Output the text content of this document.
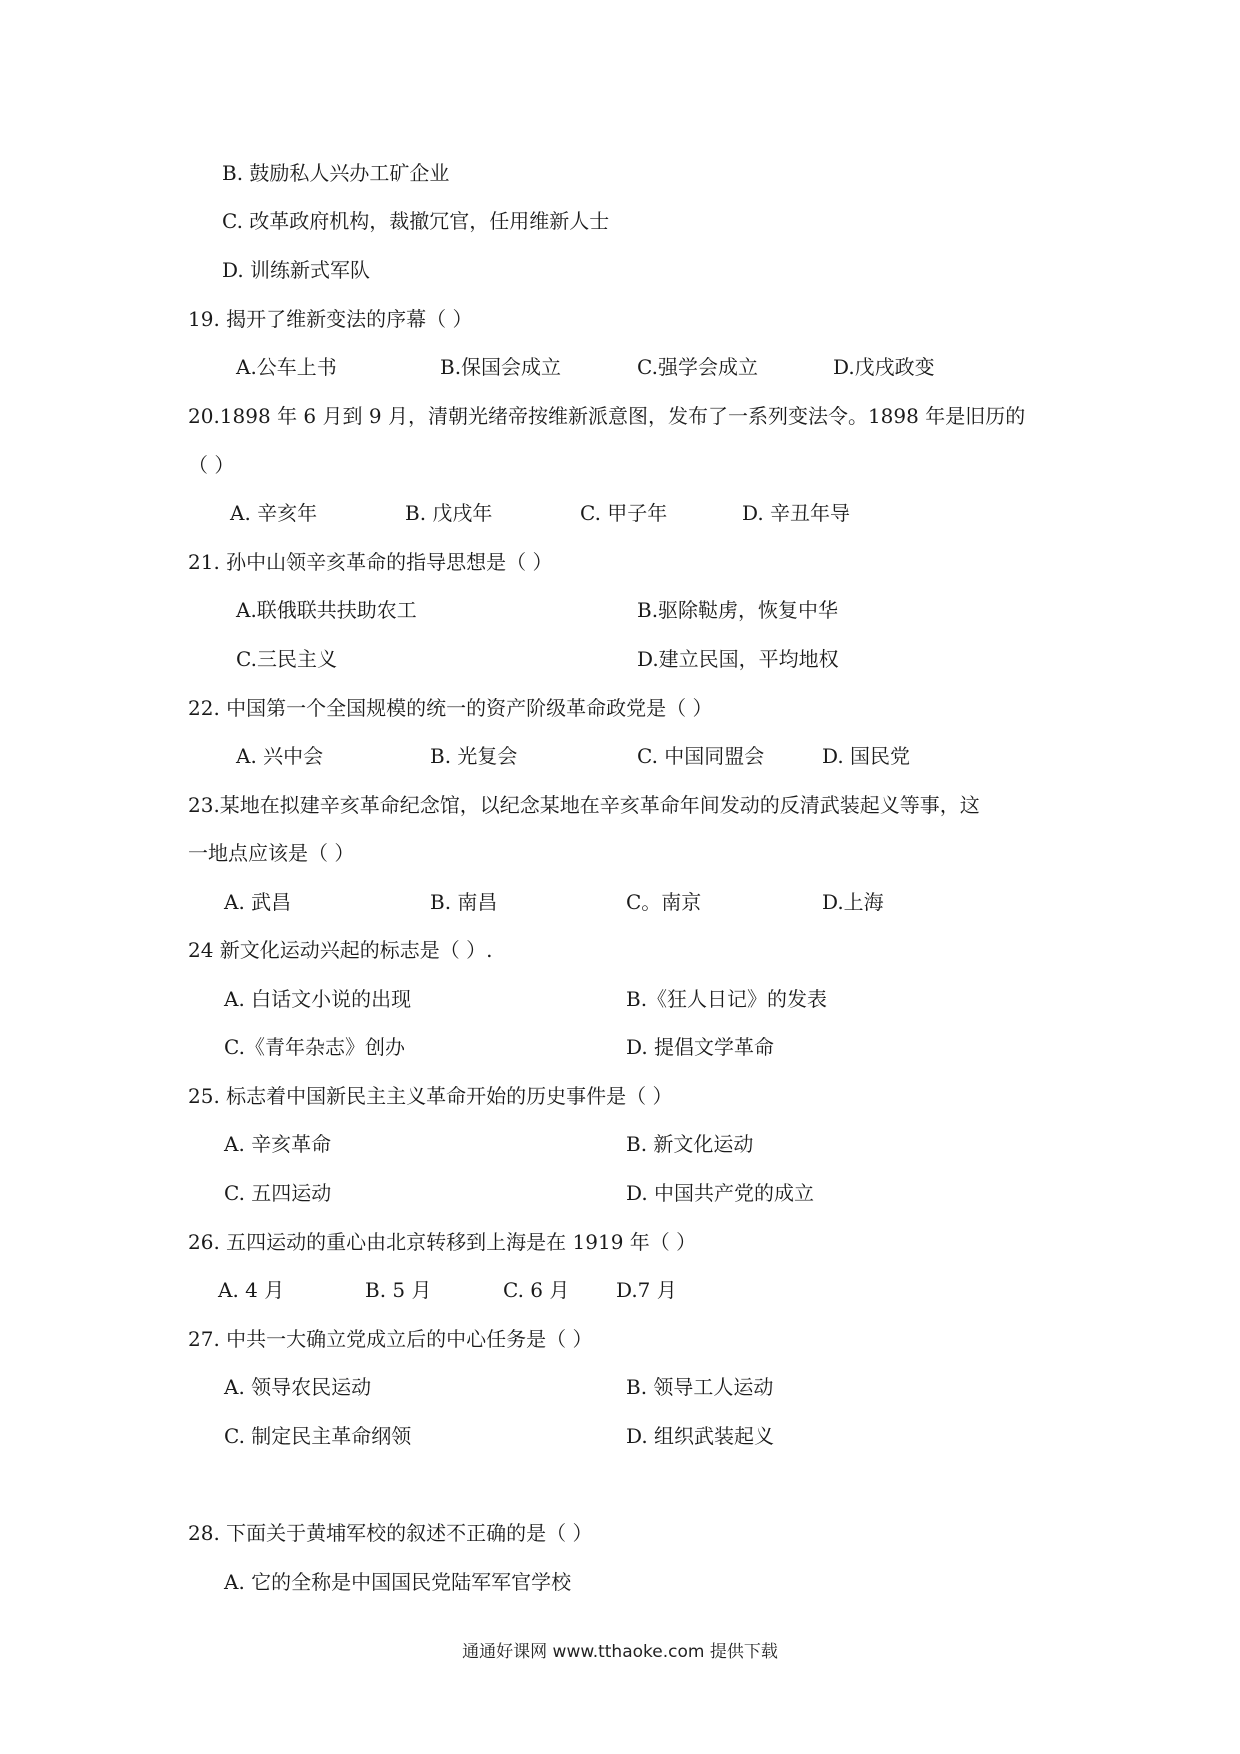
B. 鼓励私人兴办工矿企业
C. 改革政府机构，裁撤冗官，任用维新人士
D. 训练新式军队
19. 揭开了维新变法的序幕（ ）
A.公车上书	B.保国会成立	C.强学会成立	D.戊戌政变
20.1898 年 6 月到 9 月，清朝光绪帝按维新派意图，发布了一系列变法令。1898 年是旧历的
（ ）
A. 辛亥年	B. 戊戌年	C. 甲子年	D. 辛丑年导
21. 孙中山领辛亥革命的指导思想是（ ）
A.联俄联共扶助农工	B.驱除鞑虏，恢复中华
C.三民主义	D.建立民国，平均地权
22. 中国第一个全国规模的统一的资产阶级革命政党是（ ）
A. 兴中会	B. 光复会	C. 中国同盟会	D. 国民党
23.某地在拟建辛亥革命纪念馆，以纪念某地在辛亥革命年间发动的反清武装起义等事，这
一地点应该是（ ）
A. 武昌	B. 南昌	C。南京	D.上海
24 新文化运动兴起的标志是（ ）.
A. 白话文小说的出现	B.《狂人日记》的发表
C.《青年杂志》创办	D. 提倡文学革命
25. 标志着中国新民主主义革命开始的历史事件是（ ）
A. 辛亥革命	B. 新文化运动
C. 五四运动	D. 中国共产党的成立
26. 五四运动的重心由北京转移到上海是在 1919 年（ ）
A. 4 月	B. 5 月	C. 6 月 D.7 月
27. 中共一大确立党成立后的中心任务是（ ）
A. 领导农民运动	B. 领导工人运动
C. 制定民主革命纲领	D. 组织武装起义
28. 下面关于黄埔军校的叙述不正确的是（ ）
A. 它的全称是中国国民党陆军军官学校
通通好课网 www.tthaoke.com 提供下载
